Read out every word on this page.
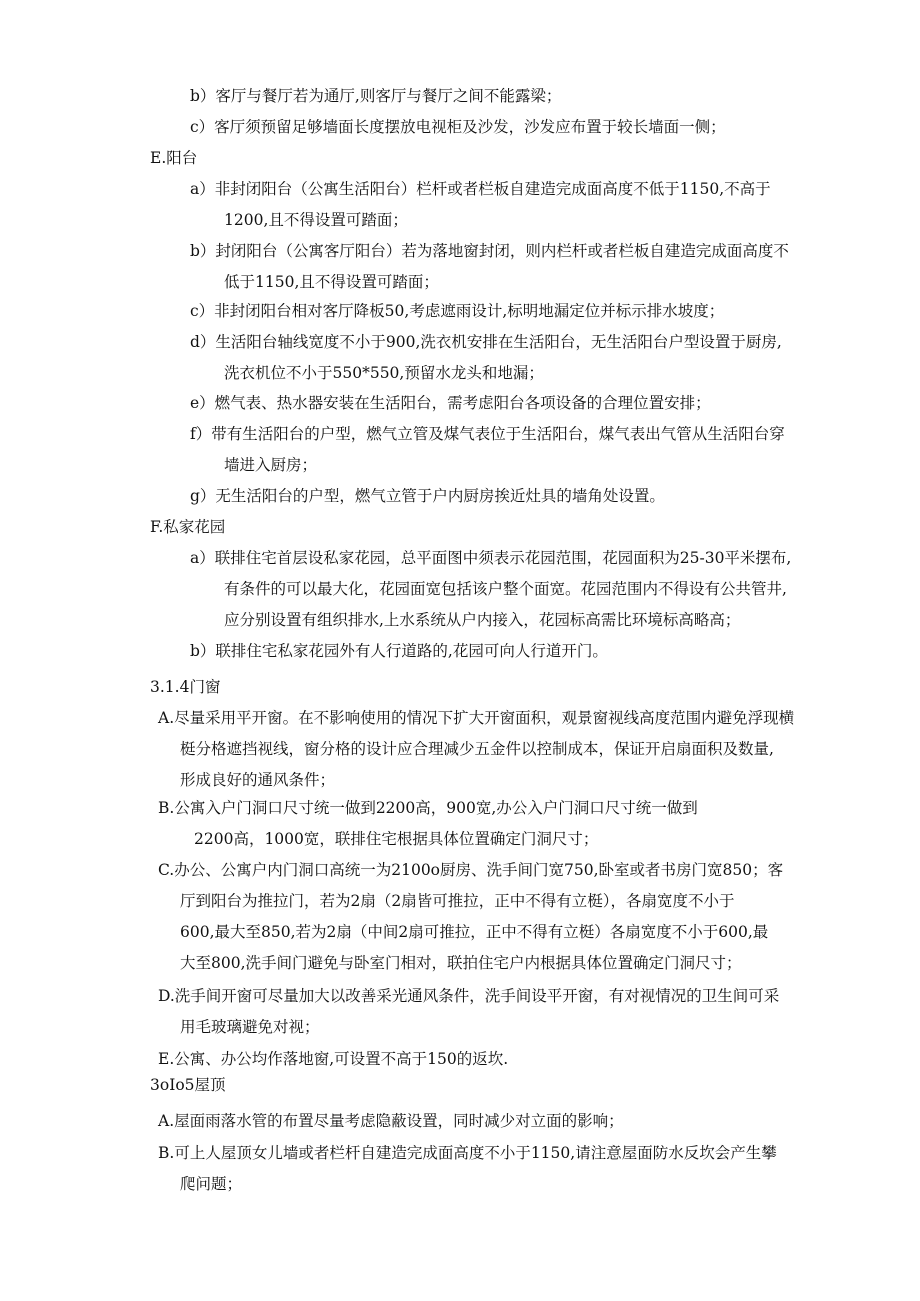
b）客厅与餐厅若为通厅,则客厅与餐厅之间不能露梁；

c）客厅须预留足够墙面长度摆放电视柜及沙发，沙发应布置于较长墙面一侧；

E.阳台

a）非封闭阳台（公寓生活阳台）栏杆或者栏板自建造完成面高度不低于1150,不高于
1200,且不得设置可踏面；

b）封闭阳台（公寓客厅阳台）若为落地窗封闭，则内栏杆或者栏板自建造完成面高度不
低于1150,且不得设置可踏面；

c）非封闭阳台相对客厅降板50,考虑遮雨设计,标明地漏定位并标示排水坡度；

d）生活阳台轴线宽度不小于900,洗衣机安排在生活阳台，无生活阳台户型设置于厨房,
洗衣机位不小于550*550,预留水龙头和地漏；

e）燃气表、热水器安装在生活阳台，需考虑阳台各项设备的合理位置安排；

f）带有生活阳台的户型，燃气立管及煤气表位于生活阳台，煤气表出气管从生活阳台穿
墙进入厨房；

g）无生活阳台的户型，燃气立管于户内厨房挨近灶具的墙角处设置。

F.私家花园

a）联排住宅首层设私家花园，总平面图中须表示花园范围，花园面积为25-30平米摆布,
有条件的可以最大化，花园面宽包括该户整个面宽。花园范围内不得设有公共管井,
应分别设置有组织排水,上水系统从户内接入，花园标高需比环境标高略高；

b）联排住宅私家花园外有人行道路的,花园可向人行道开门。

3.1.4门窗

A.尽量采用平开窗。在不影响使用的情况下扩大开窗面积，观景窗视线高度范围内避免浮现横
梃分格遮挡视线，窗分格的设计应合理减少五金件以控制成本，保证开启扇面积及数量,
形成良好的通风条件；

B.公寓入户门洞口尺寸统一做到2200高，900宽,办公入户门洞口尺寸统一做到
2200高，1000宽，联排住宅根据具体位置确定门洞尺寸；

C.办公、公寓户内门洞口高统一为2100o厨房、洗手间门宽750,卧室或者书房门宽850；客
厅到阳台为推拉门，若为2扇（2扇皆可推拉，正中不得有立梃），各扇宽度不小于
600,最大至850,若为2扇（中间2扇可推拉，正中不得有立梃）各扇宽度不小于600,最
大至800,洗手间门避免与卧室门相对，联拍住宅户内根据具体位置确定门洞尺寸；

D.洗手间开窗可尽量加大以改善采光通风条件，洗手间设平开窗，有对视情况的卫生间可采
用毛玻璃避免对视；

E.公寓、办公均作落地窗,可设置不高于150的返坎.

3oIo5屋顶

A.屋面雨落水管的布置尽量考虑隐蔽设置，同时减少对立面的影响；

B.可上人屋顶女儿墙或者栏杆自建造完成面高度不小于1150,请注意屋面防水反坎会产生攀
爬问题；
